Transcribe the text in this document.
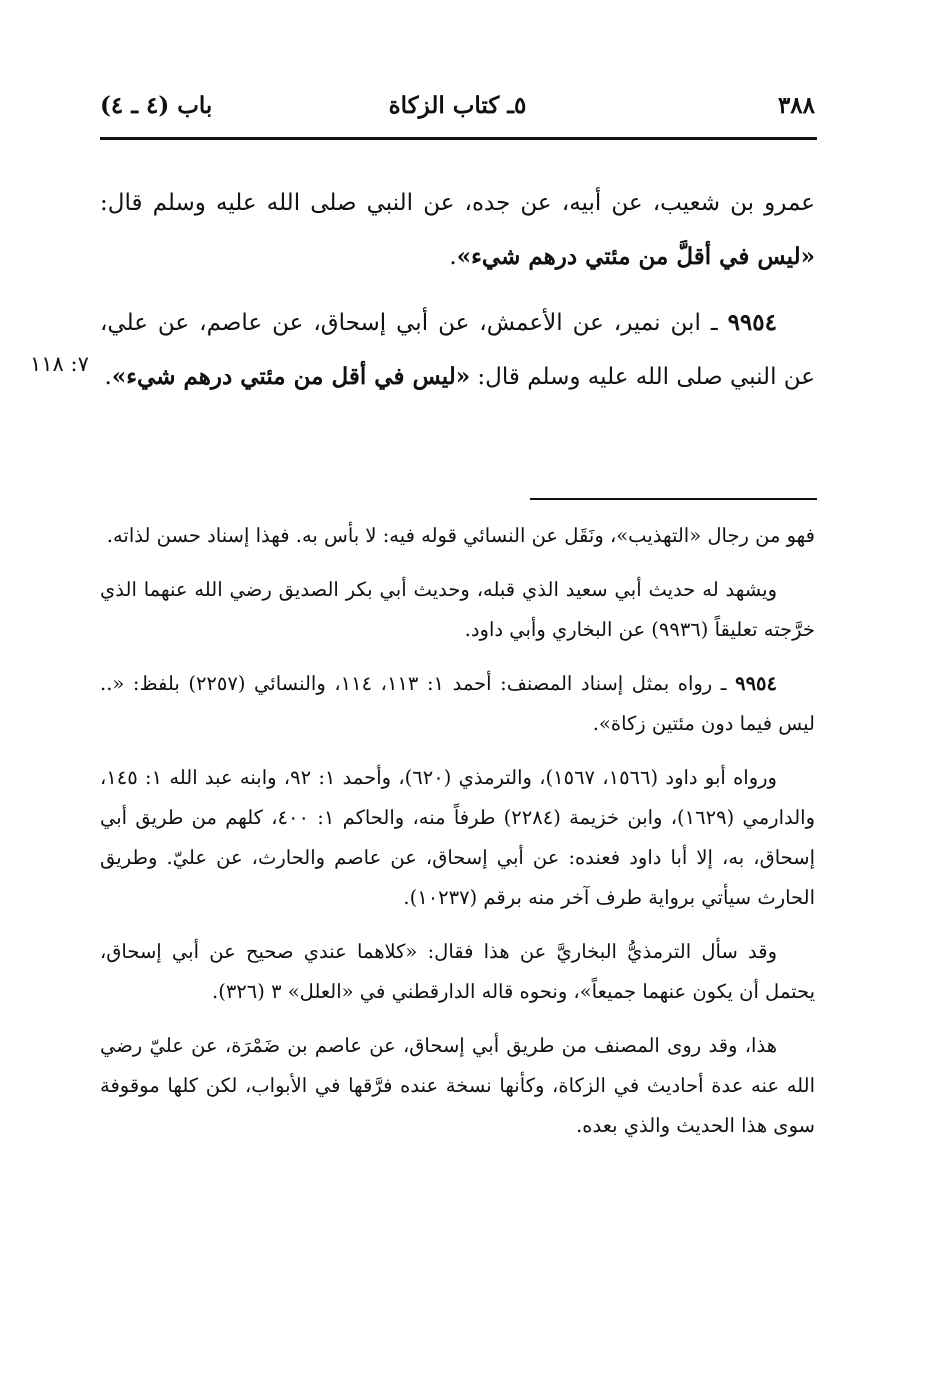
٣٨٨
٥ـ كتاب الزكاة
باب (٤ ـ ٤)

عمرو بن شعيب، عن أبيه، عن جده، عن النبي صلى الله عليه وسلم قال: «ليس في أقلَّ من مئتي درهم شيء».

٩٩٥٤ ـ ابن نمير، عن الأعمش، عن أبي إسحاق، عن عاصم، عن علي، عن النبي صلى الله عليه وسلم قال: «ليس في أقل من مئتي درهم شيء».

٧: ١١٨

فهو من رجال «التهذيب»، ونَقَل عن النسائي قوله فيه: لا بأس به. فهذا إسناد حسن لذاته.

ويشهد له حديث أبي سعيد الذي قبله، وحديث أبي بكر الصديق رضي الله عنهما الذي خرَّجته تعليقاً (٩٩٣٦) عن البخاري وأبي داود.

٩٩٥٤ ـ رواه بمثل إسناد المصنف: أحمد ١: ١١٣، ١١٤، والنسائي (٢٢٥٧) بلفظ: «.. ليس فيما دون مئتين زكاة».

ورواه أبو داود (١٥٦٦، ١٥٦٧)، والترمذي (٦٢٠)، وأحمد ١: ٩٢، وابنه عبد الله ١: ١٤٥، والدارمي (١٦٢٩)، وابن خزيمة (٢٢٨٤) طرفاً منه، والحاكم ١: ٤٠٠، كلهم من طريق أبي إسحاق، به، إلا أبا داود فعنده: عن أبي إسحاق، عن عاصم والحارث، عن عليّ. وطريق الحارث سيأتي برواية طرف آخر منه برقم (١٠٢٣٧).

وقد سأل الترمذيُّ البخاريَّ عن هذا فقال: «كلاهما عندي صحيح عن أبي إسحاق، يحتمل أن يكون عنهما جميعاً»، ونحوه قاله الدارقطني في «العلل» ٣ (٣٢٦).

هذا، وقد روى المصنف من طريق أبي إسحاق، عن عاصم بن ضَمْرَة، عن عليّ رضي الله عنه عدة أحاديث في الزكاة، وكأنها نسخة عنده فرَّقها في الأبواب، لكن كلها موقوفة سوى هذا الحديث والذي بعده.
